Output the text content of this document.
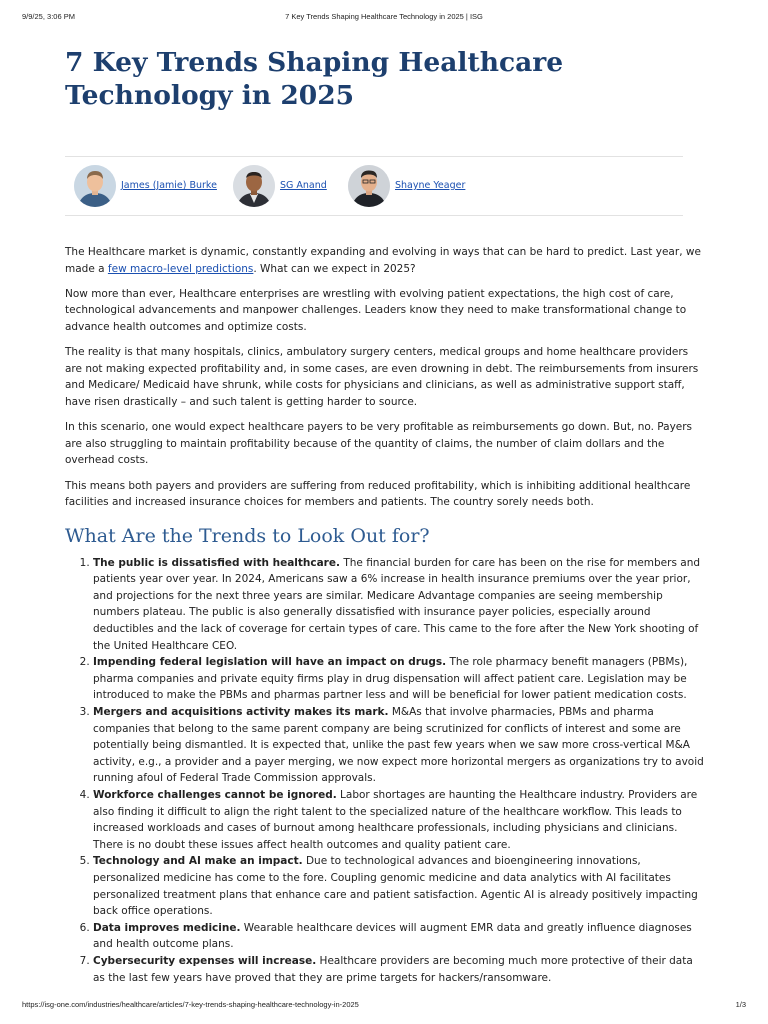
9/9/25, 3:06 PM	7 Key Trends Shaping Healthcare Technology in 2025 | ISG
7 Key Trends Shaping Healthcare Technology in 2025
James (Jamie) Burke	SG Anand	Shayne Yeager

The Healthcare market is dynamic, constantly expanding and evolving in ways that can be hard to predict. Last year, we made a few macro-level predictions. What can we expect in 2025?

Now more than ever, Healthcare enterprises are wrestling with evolving patient expectations, the high cost of care, technological advancements and manpower challenges. Leaders know they need to make transformational change to advance health outcomes and optimize costs.

The reality is that many hospitals, clinics, ambulatory surgery centers, medical groups and home healthcare providers are not making expected profitability and, in some cases, are even drowning in debt. The reimbursements from insurers and Medicare/ Medicaid have shrunk, while costs for physicians and clinicians, as well as administrative support staff, have risen drastically – and such talent is getting harder to source.

In this scenario, one would expect healthcare payers to be very profitable as reimbursements go down. But, no. Payers are also struggling to maintain profitability because of the quantity of claims, the number of claim dollars and the overhead costs.

This means both payers and providers are suffering from reduced profitability, which is inhibiting additional healthcare facilities and increased insurance choices for members and patients. The country sorely needs both.

What Are the Trends to Look Out for?
1. The public is dissatisfied with healthcare. The financial burden for care has been on the rise for members and patients year over year. In 2024, Americans saw a 6% increase in health insurance premiums over the year prior, and projections for the next three years are similar. Medicare Advantage companies are seeing membership numbers plateau. The public is also generally dissatisfied with insurance payer policies, especially around deductibles and the lack of coverage for certain types of care. This came to the fore after the New York shooting of the United Healthcare CEO.
2. Impending federal legislation will have an impact on drugs. The role pharmacy benefit managers (PBMs), pharma companies and private equity firms play in drug dispensation will affect patient care. Legislation may be introduced to make the PBMs and pharmas partner less and will be beneficial for lower patient medication costs.
3. Mergers and acquisitions activity makes its mark. M&As that involve pharmacies, PBMs and pharma companies that belong to the same parent company are being scrutinized for conflicts of interest and some are potentially being dismantled. It is expected that, unlike the past few years when we saw more cross-vertical M&A activity, e.g., a provider and a payer merging, we now expect more horizontal mergers as organizations try to avoid running afoul of Federal Trade Commission approvals.
4. Workforce challenges cannot be ignored. Labor shortages are haunting the Healthcare industry. Providers are also finding it difficult to align the right talent to the specialized nature of the healthcare workflow. This leads to increased workloads and cases of burnout among healthcare professionals, including physicians and clinicians. There is no doubt these issues affect health outcomes and quality patient care.
5. Technology and AI make an impact. Due to technological advances and bioengineering innovations, personalized medicine has come to the fore. Coupling genomic medicine and data analytics with AI facilitates personalized treatment plans that enhance care and patient satisfaction. Agentic AI is already positively impacting back office operations.
6. Data improves medicine. Wearable healthcare devices will augment EMR data and greatly influence diagnoses and health outcome plans.
7. Cybersecurity expenses will increase. Healthcare providers are becoming much more protective of their data as the last few years have proved that they are prime targets for hackers/ransomware.
https://isg-one.com/industries/healthcare/articles/7-key-trends-shaping-healthcare-technology-in-2025	1/3
